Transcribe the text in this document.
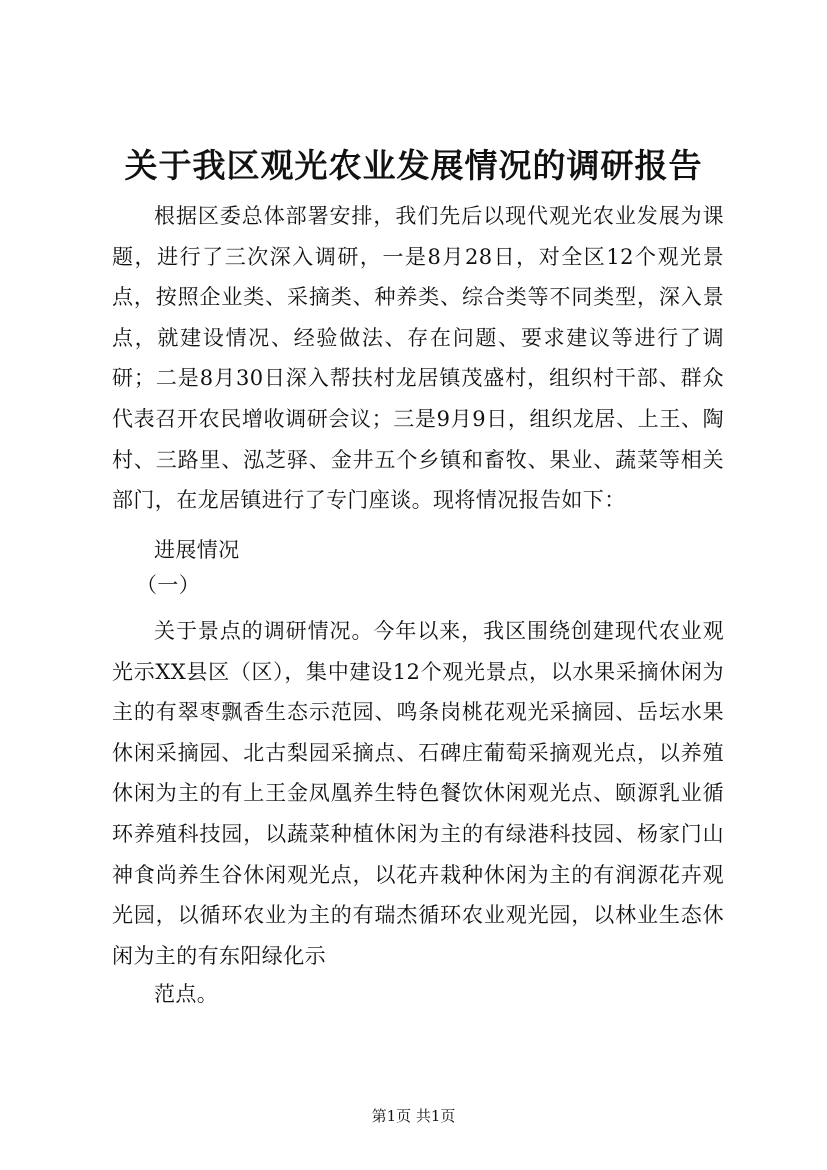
关于我区观光农业发展情况的调研报告

根据区委总体部署安排，我们先后以现代观光农业发展为课题，进行了三次深入调研，一是8月28日，对全区12个观光景点，按照企业类、采摘类、种养类、综合类等不同类型，深入景点，就建设情况、经验做法、存在问题、要求建议等进行了调研；二是8月30日深入帮扶村龙居镇茂盛村，组织村干部、群众代表召开农民增收调研会议；三是9月9日，组织龙居、上王、陶村、三路里、泓芝驿、金井五个乡镇和畜牧、果业、蔬菜等相关部门，在龙居镇进行了专门座谈。现将情况报告如下：

进展情况

（一）

关于景点的调研情况。今年以来，我区围绕创建现代农业观光示XX县区（区），集中建设12个观光景点，以水果采摘休闲为主的有翠枣飘香生态示范园、鸣条岗桃花观光采摘园、岳坛水果休闲采摘园、北古梨园采摘点、石碑庄葡萄采摘观光点，以养殖休闲为主的有上王金凤凰养生特色餐饮休闲观光点、颐源乳业循环养殖科技园，以蔬菜种植休闲为主的有绿港科技园、杨家门山神食尚养生谷休闲观光点，以花卉栽种休闲为主的有润源花卉观光园，以循环农业为主的有瑞杰循环农业观光园，以林业生态休闲为主的有东阳绿化示

范点。

第1页 共1页
